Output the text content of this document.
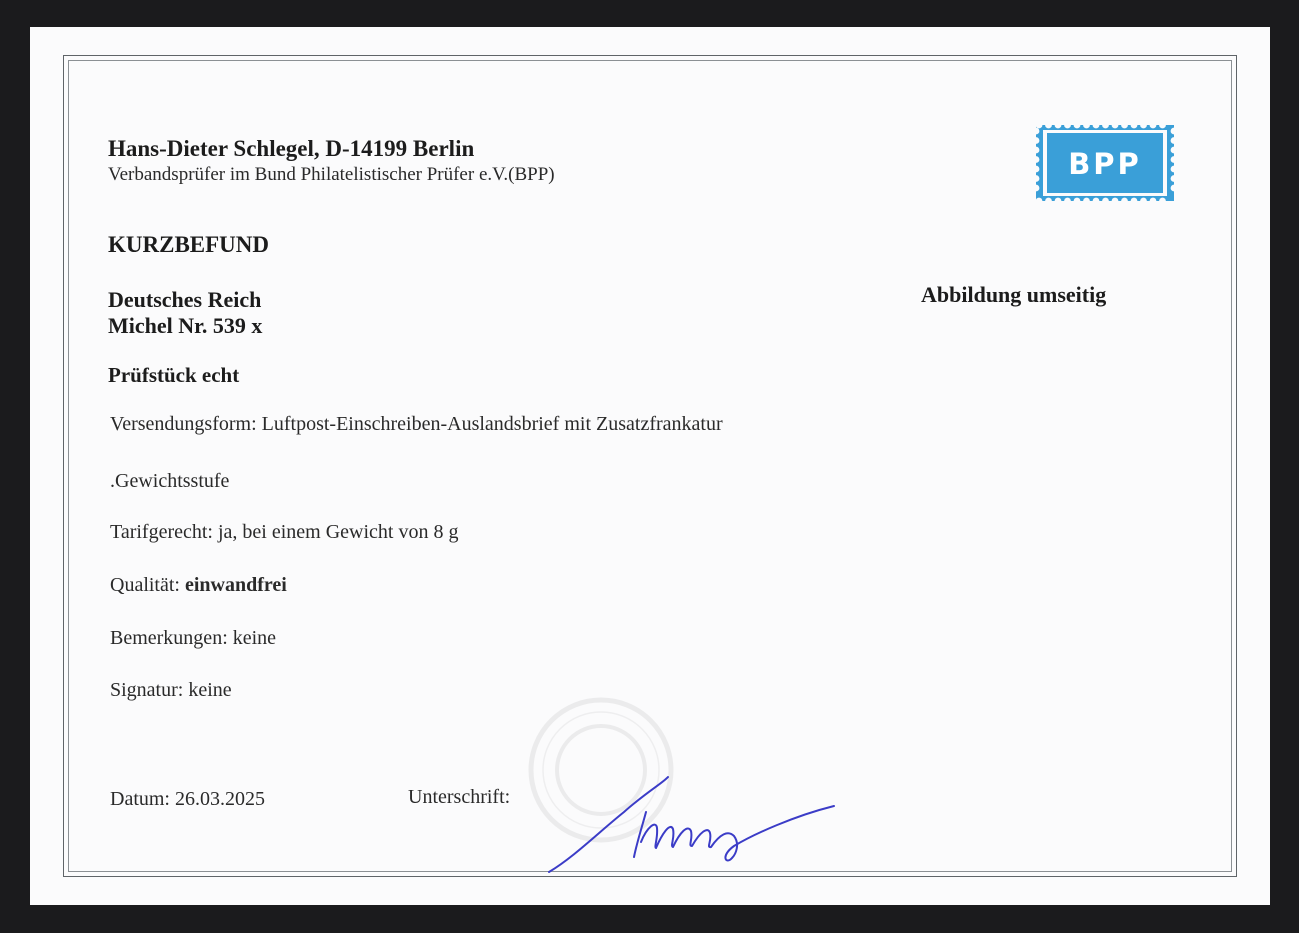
Hans-Dieter Schlegel, D-14199 Berlin
Verbandsprüfer im Bund Philatelistischer Prüfer e.V.(BPP)	BPP
KURZBEFUND
Deutsches Reich
Michel Nr. 539 x
Abbildung umseitig
Prüfstück echt
Versendungsform: Luftpost-Einschreiben-Auslandsbrief mit Zusatzfrankatur
.Gewichtsstufe
Tarifgerecht: ja, bei einem Gewicht von 8 g
Qualität: einwandfrei
Bemerkungen: keine
Signatur: keine
Datum: 26.03.2025	Unterschrift:
